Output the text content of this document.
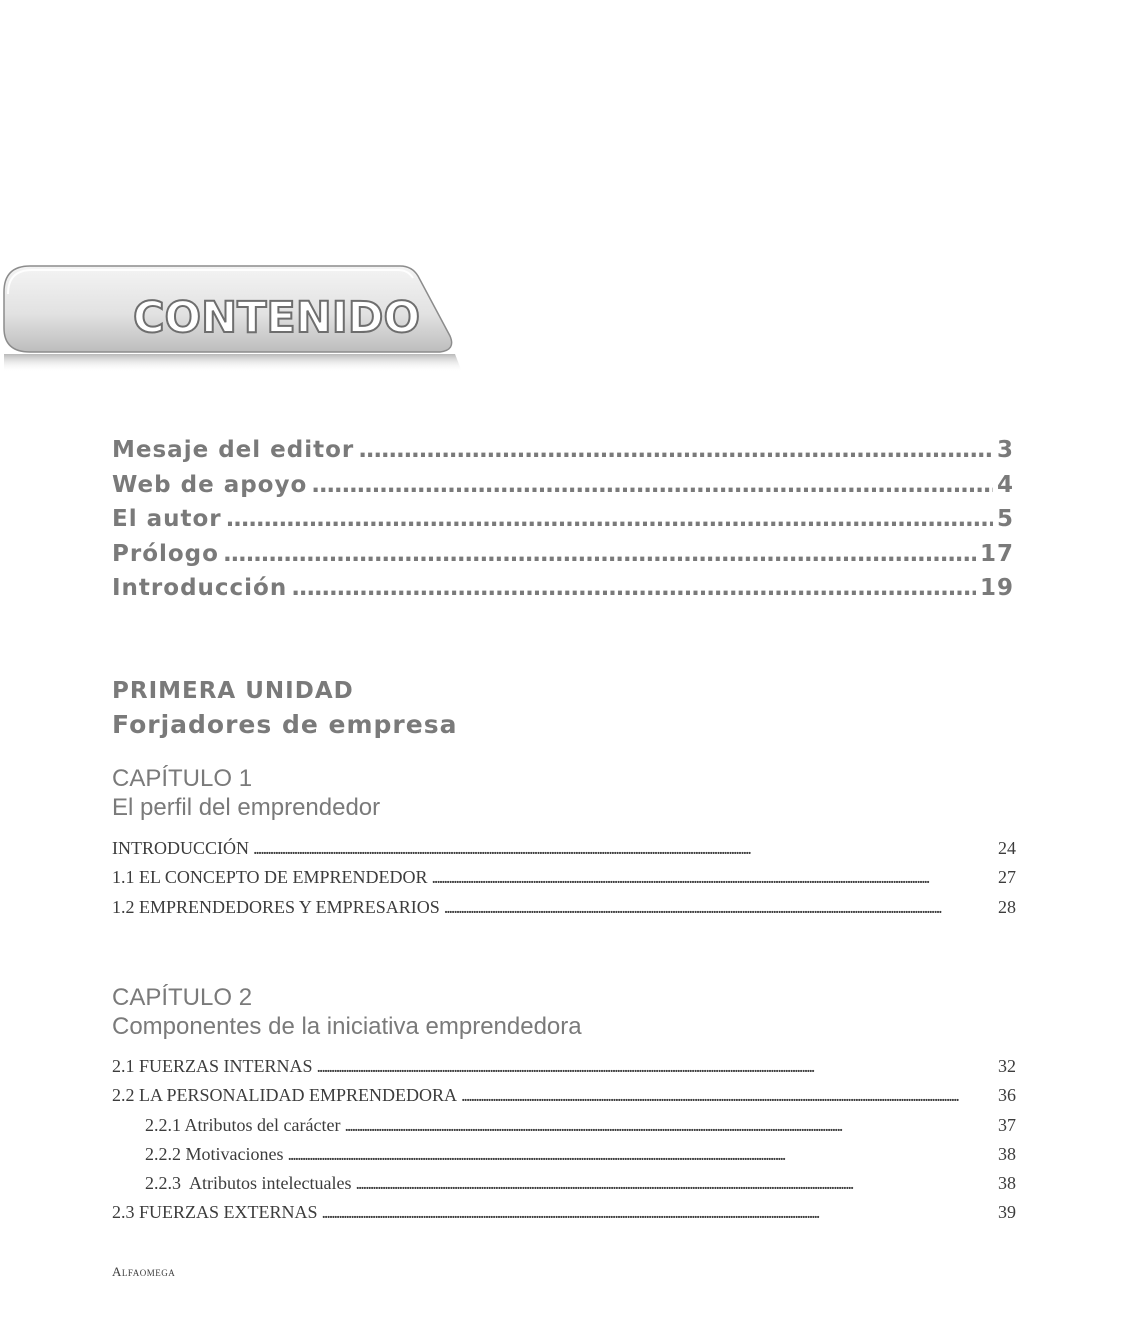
CONTENIDO
Mesaje del editor . . .	3
Web de apoyo . . .	4
El autor . . .	5
Prólogo . . .	17
Introducción . . .	19
PRIMERA UNIDAD
Forjadores de empresa
CAPÍTULO 1
El perfil del emprendedor
INTRODUCCIÓN . . .	24
1.1 EL CONCEPTO DE EMPRENDEDOR . . .	27
1.2 EMPRENDEDORES Y EMPRESARIOS . . .	28
CAPÍTULO 2
Componentes de la iniciativa emprendedora
2.1 FUERZAS INTERNAS . . .	32
2.2 LA PERSONALIDAD EMPRENDEDORA . . .	36
2.2.1 Atributos del carácter . . .	37
2.2.2 Motivaciones . . .	38
2.2.3  Atributos intelectuales . . .	38
2.3 FUERZAS EXTERNAS . . .	39

Alfaomega
